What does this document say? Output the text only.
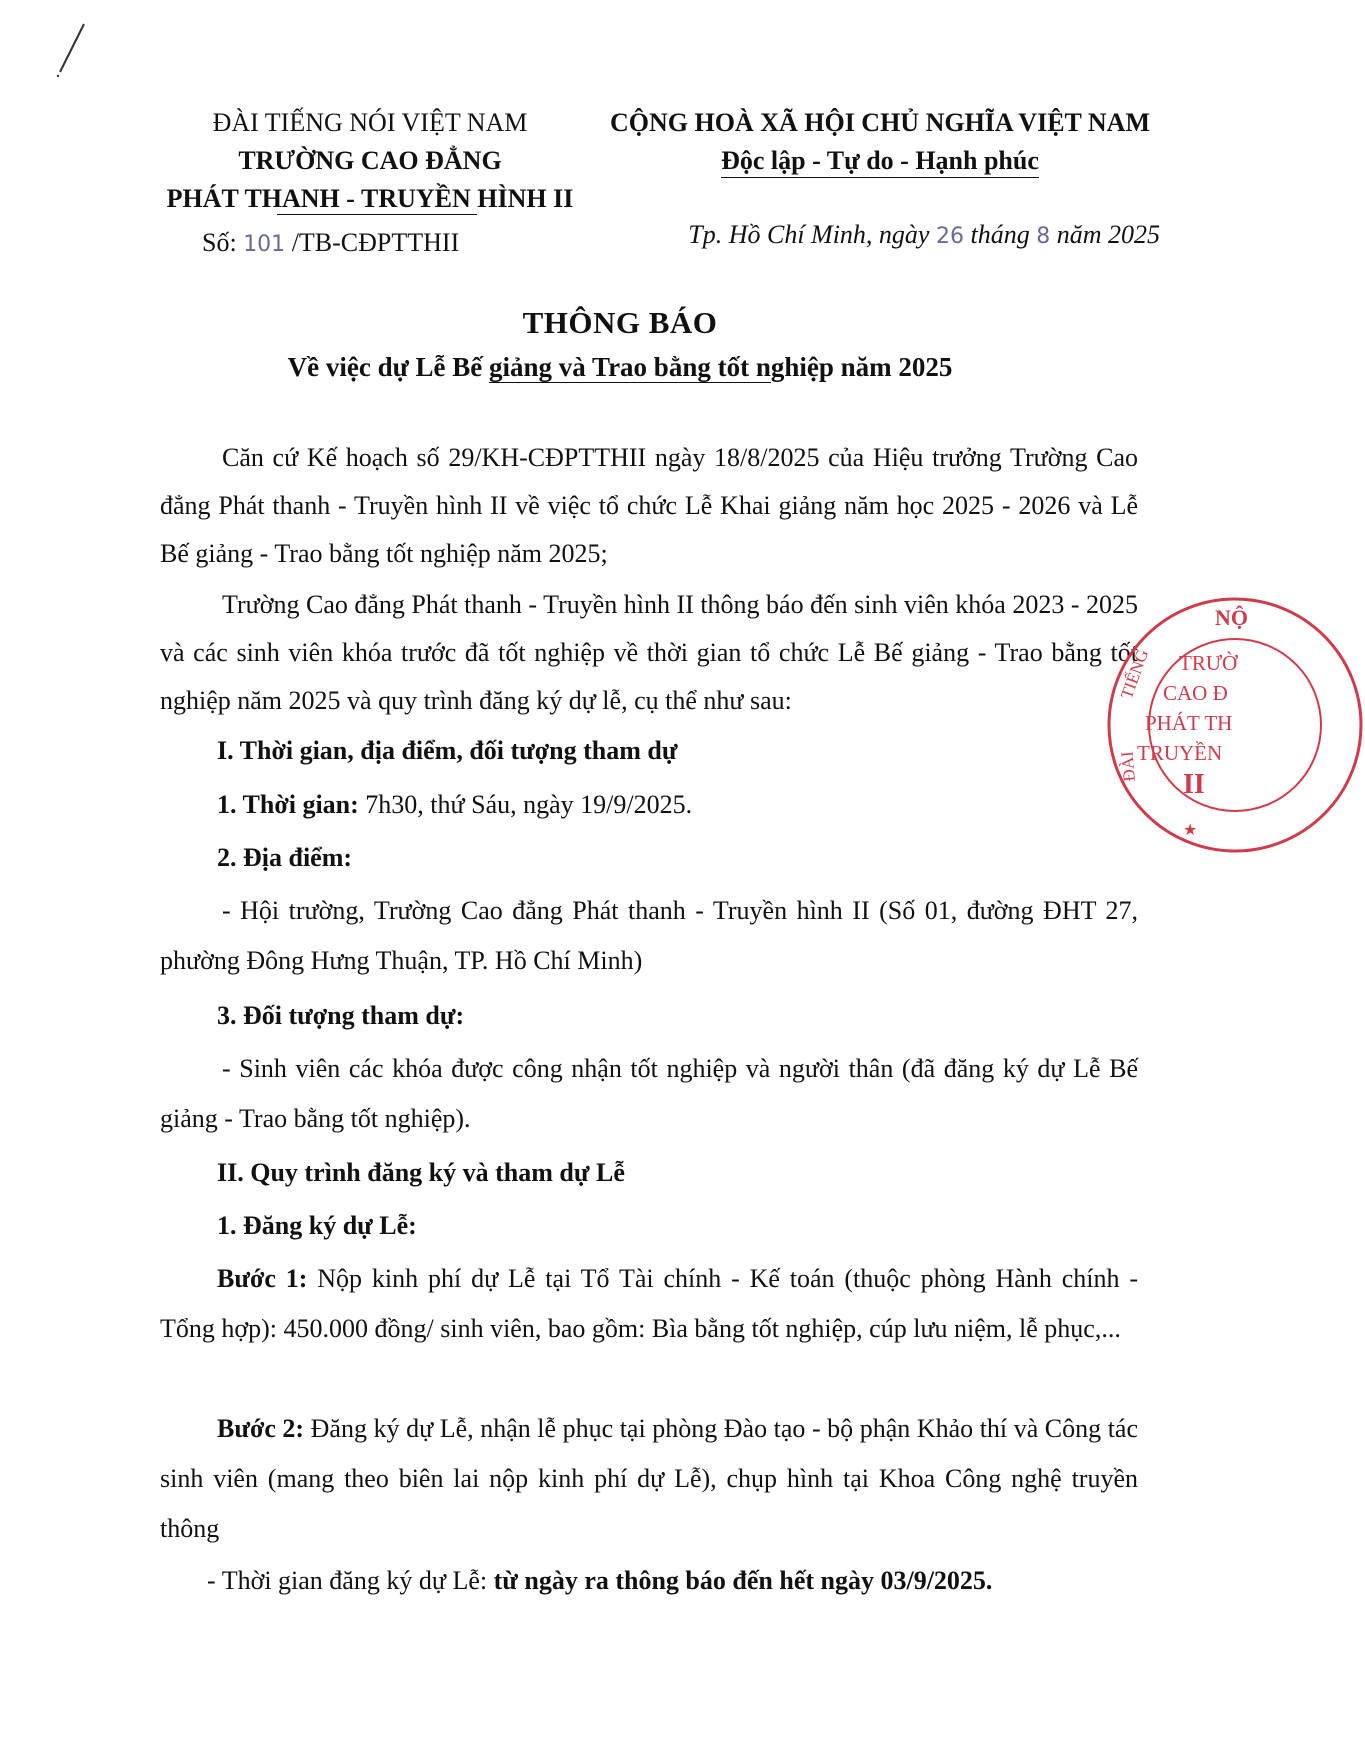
ĐÀI TIẾNG NÓI VIỆT NAM
TRƯỜNG CAO ĐẲNG
PHÁT THANH - TRUYỀN HÌNH II
CỘNG HOÀ XÃ HỘI CHỦ NGHĨA VIỆT NAM
Độc lập - Tự do - Hạnh phúc
Số: 101 /TB-CĐPTTHII	Tp. Hồ Chí Minh, ngày 26 tháng 8 năm 2025
THÔNG BÁO
Về việc dự Lễ Bế giảng và Trao bằng tốt nghiệp năm 2025
Căn cứ Kế hoạch số 29/KH-CĐPTTHII ngày 18/8/2025 của Hiệu trưởng Trường Cao đẳng Phát thanh - Truyền hình II về việc tổ chức Lễ Khai giảng năm học 2025 - 2026 và Lễ Bế giảng - Trao bằng tốt nghiệp năm 2025;
Trường Cao đẳng Phát thanh - Truyền hình II thông báo đến sinh viên khóa 2023 - 2025 và các sinh viên khóa trước đã tốt nghiệp về thời gian tổ chức Lễ Bế giảng - Trao bằng tốt nghiệp năm 2025 và quy trình đăng ký dự lễ, cụ thể như sau:
I. Thời gian, địa điểm, đối tượng tham dự
1. Thời gian: 7h30, thứ Sáu, ngày 19/9/2025.
2. Địa điểm:
- Hội trường, Trường Cao đẳng Phát thanh - Truyền hình II (Số 01, đường ĐHT 27, phường Đông Hưng Thuận, TP. Hồ Chí Minh)
3. Đối tượng tham dự:
- Sinh viên các khóa được công nhận tốt nghiệp và người thân (đã đăng ký dự Lễ Bế giảng - Trao bằng tốt nghiệp).
II. Quy trình đăng ký và tham dự Lễ
1. Đăng ký dự Lễ:
Bước 1: Nộp kinh phí dự Lễ tại Tổ Tài chính - Kế toán (thuộc phòng Hành chính - Tổng hợp): 450.000 đồng/ sinh viên, bao gồm: Bìa bằng tốt nghiệp, cúp lưu niệm, lễ phục,...
Bước 2: Đăng ký dự Lễ, nhận lễ phục tại phòng Đào tạo - bộ phận Khảo thí và Công tác sinh viên (mang theo biên lai nộp kinh phí dự Lễ), chụp hình tại Khoa Công nghệ truyền thông
- Thời gian đăng ký dự Lễ: từ ngày ra thông báo đến hết ngày 03/9/2025.
NỘ
TRƯỜ
CAO Đ
PHÁT TH
TRUYỀN
II
TIẾNG
ĐÀI
★
